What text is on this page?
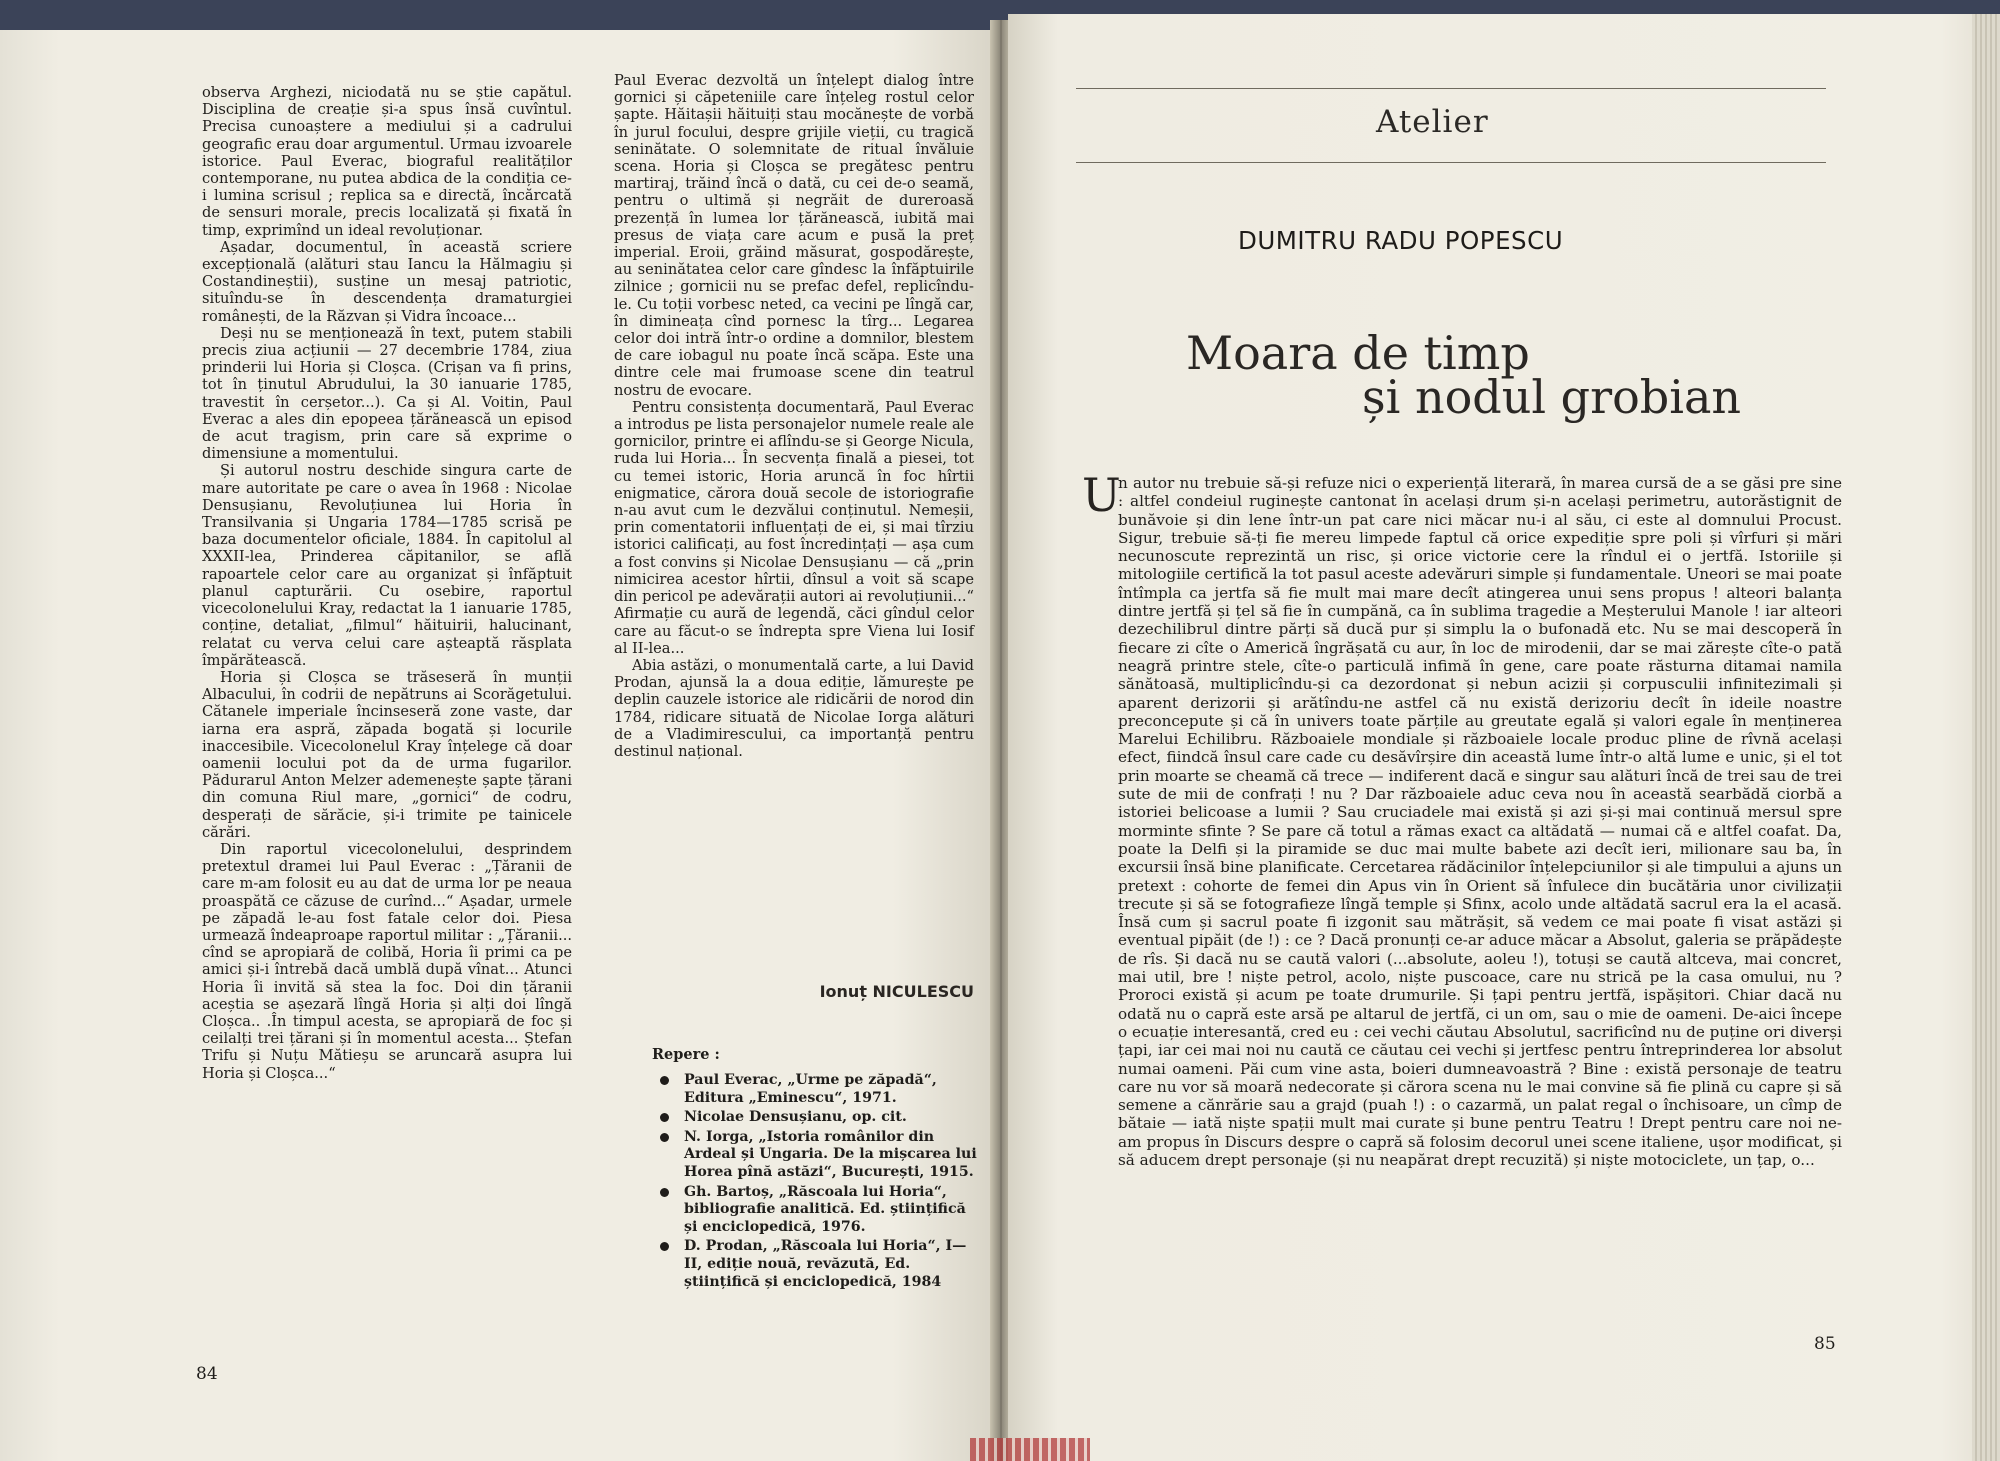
observa Arghezi, niciodată nu se știe capătul. Disciplina de creație și-a spus însă cuvîntul. Precisa cunoaștere a mediului și a cadrului geografic erau doar argumentul. Urmau izvoarele istorice. Paul Everac, biograful realităților contemporane, nu putea abdica de la condiția ce-i lumina scrisul ; replica sa e directă, încărcată de sensuri morale, precis localizată și fixată în timp, exprimînd un ideal revoluționar.

Așadar, documentul, în această scriere excepțională (alături stau Iancu la Hălmagiu și Costandineștii), susține un mesaj patriotic, situîndu-se în descendența dramaturgiei românești, de la Răzvan și Vidra încoace...

Deși nu se menționează în text, putem stabili precis ziua acțiunii — 27 decembrie 1784, ziua prinderii lui Horia și Cloșca. (Crișan va fi prins, tot în ținutul Abrudului, la 30 ianuarie 1785, travestit în cerșetor...). Ca și Al. Voitin, Paul Everac a ales din epopeea țărănească un episod de acut tragism, prin care să exprime o dimensiune a momentului.

Și autorul nostru deschide singura carte de mare autoritate pe care o avea în 1968 : Nicolae Densușianu, Revoluțiunea lui Horia în Transilvania și Ungaria 1784—1785 scrisă pe baza documentelor oficiale, 1884. În capitolul al XXXII-lea, Prinderea căpitanilor, se află rapoartele celor care au organizat și înfăptuit planul capturării. Cu osebire, raportul vicecolonelului Kray, redactat la 1 ianuarie 1785, conține, detaliat, „filmul“ hăituirii, halucinant, relatat cu verva celui care așteaptă răsplata împărătească.

Horia și Cloșca se trăseseră în munții Albacului, în codrii de nepătruns ai Scorăgetului. Cătanele imperiale încinseseră zone vaste, dar iarna era aspră, zăpada bogată și locurile inaccesibile. Vicecolonelul Kray înțelege că doar oamenii locului pot da de urma fugarilor. Pădurarul Anton Melzer ademenește șapte țărani din comuna Riul mare, „gornici“ de codru, desperați de sărăcie, și-i trimite pe tainicele cărări.

Din raportul vicecolonelului, desprindem pretextul dramei lui Paul Everac : „Țăranii de care m-am folosit eu au dat de urma lor pe neaua proaspătă ce căzuse de curînd...“ Așadar, urmele pe zăpadă le-au fost fatale celor doi. Piesa urmează îndeaproape raportul militar : „Țăranii... cînd se apropiară de colibă, Horia îi primi ca pe amici și-i întrebă dacă umblă după vînat... Atunci Horia îi invită să stea la foc. Doi din țăranii aceștia se așezară lîngă Horia și alți doi lîngă Cloșca.. .În timpul acesta, se apropiară de foc și ceilalți trei țărani și în momentul acesta... Ștefan Trifu și Nuțu Mătieșu se aruncară asupra lui Horia și Cloșca...“

Paul Everac dezvoltă un înțelept dialog între gornici și căpeteniile care înțeleg rostul celor șapte. Hăitașii hăituiți stau mocănește de vorbă în jurul focului, despre grijile vieții, cu tragică seninătate. O solemnitate de ritual învăluie scena. Horia și Cloșca se pregătesc pentru martiraj, trăind încă o dată, cu cei de-o seamă, pentru o ultimă și negrăit de dureroasă prezență în lumea lor țărănească, iubită mai presus de viața care acum e pusă la preț imperial. Eroii, grăind măsurat, gospodărește, au seninătatea celor care gîndesc la înfăptuirile zilnice ; gornicii nu se prefac defel, replicîndu-le. Cu toții vorbesc neted, ca vecini pe lîngă car, în dimineața cînd pornesc la tîrg... Legarea celor doi intră într-o ordine a domnilor, blestem de care iobagul nu poate încă scăpa. Este una dintre cele mai frumoase scene din teatrul nostru de evocare.

Pentru consistența documentară, Paul Everac a introdus pe lista personajelor numele reale ale gornicilor, printre ei aflîndu-se și George Nicula, ruda lui Horia... În secvența finală a piesei, tot cu temei istoric, Horia aruncă în foc hîrtii enigmatice, cărora două secole de istoriografie n-au avut cum le dezvălui conținutul. Nemeșii, prin comentatorii influențați de ei, și mai tîrziu istorici calificați, au fost încredințați — așa cum a fost convins și Nicolae Densușianu — că „prin nimicirea acestor hîrtii, dînsul a voit să scape din pericol pe adevărații autori ai revoluțiunii...“ Afirmație cu aură de legendă, căci gîndul celor care au făcut-o se îndrepta spre Viena lui Iosif al II-lea...

Abia astăzi, o monumentală carte, a lui David Prodan, ajunsă la a doua ediție, lămurește pe deplin cauzele istorice ale ridicării de norod din 1784, ridicare situată de Nicolae Iorga alături de a Vladimirescului, ca importanță pentru destinul național.

Ionuț NICULESCU
Repere :
Paul Everac, „Urme pe zăpadă“, Editura „Eminescu“, 1971.
Nicolae Densușianu, op. cit.
N. Iorga, „Istoria românilor din Ardeal și Ungaria. De la mișcarea lui Horea pînă astăzi“, București, 1915.
Gh. Bartoș, „Răscoala lui Horia“, bibliografie analitică. Ed. științifică și enciclopedică, 1976.
D. Prodan, „Răscoala lui Horia“, I—II, ediție nouă, revăzută, Ed. științifică și enciclopedică, 1984
84
Atelier
DUMITRU RADU POPESCU
Moara de timp
și nodul grobian
U

n autor nu trebuie să-și refuze nici o experiență literară, în marea cursă de a se găsi pre sine : altfel condeiul ruginește cantonat în același drum și-n același perimetru, autorăstignit de bunăvoie și din lene într-un pat care nici măcar nu-i al său, ci este al domnului Procust. Sigur, trebuie să-ți fie mereu limpede faptul că orice expediție spre poli și vîrfuri și mări necunoscute reprezintă un risc, și orice victorie cere la rîndul ei o jertfă. Istoriile și mitologiile certifică la tot pasul aceste adevăruri simple și fundamentale. Uneori se mai poate întîmpla ca jertfa să fie mult mai mare decît atingerea unui sens propus ! alteori balanța dintre jertfă și țel să fie în cumpănă, ca în sublima tragedie a Meșterului Manole ! iar alteori dezechilibrul dintre părți să ducă pur și simplu la o bufonadă etc. Nu se mai descoperă în fiecare zi cîte o Americă îngrășată cu aur, în loc de mirodenii, dar se mai zărește cîte-o pată neagră printre stele, cîte-o particulă infimă în gene, care poate răsturna ditamai namila sănătoasă, multiplicîndu-și ca dezordonat și nebun acizii și corpusculii infinitezimali și aparent derizorii și arătîndu-ne astfel că nu există derizoriu decît în ideile noastre preconcepute și că în univers toate părțile au greutate egală și valori egale în menținerea Marelui Echilibru. Războaiele mondiale și războaiele locale produc pline de rîvnă același efect, fiindcă însul care cade cu desăvîrșire din această lume într-o altă lume e unic, și el tot prin moarte se cheamă că trece — indiferent dacă e singur sau alături încă de trei sau de trei sute de mii de confrați ! nu ? Dar războaiele aduc ceva nou în această searbădă ciorbă a istoriei belicoase a lumii ? Sau cruciadele mai există și azi și-și mai continuă mersul spre morminte sfinte ? Se pare că totul a rămas exact ca altădată — numai că e altfel coafat. Da, poate la Delfi și la piramide se duc mai multe babete azi decît ieri, milionare sau ba, în excursii însă bine planificate. Cercetarea rădăcinilor înțelepciunilor și ale timpului a ajuns un pretext : cohorte de femei din Apus vin în Orient să înfulece din bucătăria unor civilizații trecute și să se fotografieze lîngă temple și Sfinx, acolo unde altădată sacrul era la el acasă. Însă cum și sacrul poate fi izgonit sau mătrășit, să vedem ce mai poate fi visat astăzi și eventual pipăit (de !) : ce ? Dacă pronunți ce-ar aduce măcar a Absolut, galeria se prăpădește de rîs. Și dacă nu se caută valori (...absolute, aoleu !), totuși se caută altceva, mai concret, mai util, bre ! niște petrol, acolo, niște puscoace, care nu strică pe la casa omului, nu ? Proroci există și acum pe toate drumurile. Și țapi pentru jertfă, ispășitori. Chiar dacă nu odată nu o capră este arsă pe altarul de jertfă, ci un om, sau o mie de oameni. De-aici începe o ecuație interesantă, cred eu : cei vechi căutau Absolutul, sacrificînd nu de puține ori diverși țapi, iar cei mai noi nu caută ce căutau cei vechi și jertfesc pentru întreprinderea lor absolut numai oameni. Păi cum vine asta, boieri dumneavoastră ? Bine : există personaje de teatru care nu vor să moară nedecorate și cărora scena nu le mai convine să fie plină cu capre și să semene a cănrărie sau a grajd (puah !) : o cazarmă, un palat regal o închisoare, un cîmp de bătaie — iată niște spații mult mai curate și bune pentru Teatru ! Drept pentru care noi ne-am propus în Discurs despre o capră să folosim decorul unei scene italiene, ușor modificat, și să aducem drept personaje (și nu neapărat drept recuzită) și niște motociclete, un țap, o...

85
